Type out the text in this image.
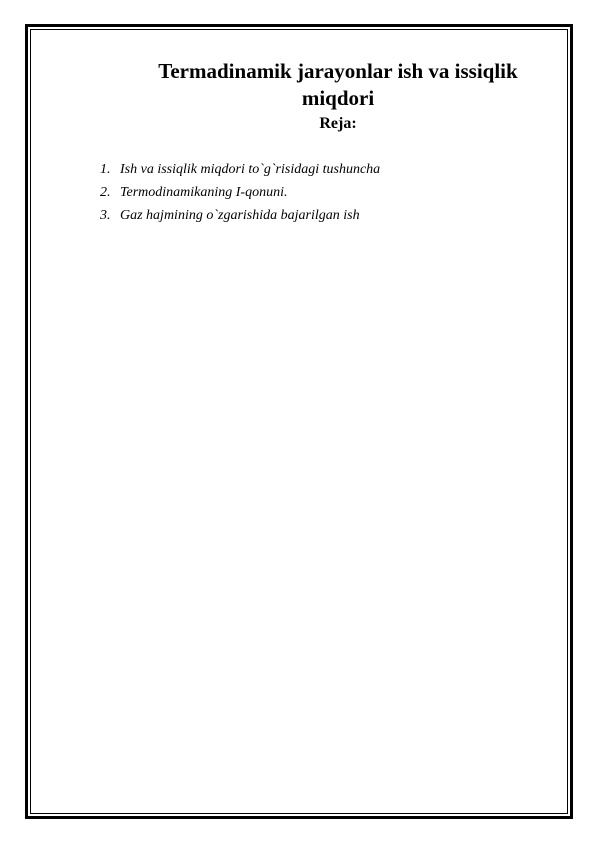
Termadinamik jarayonlar ish va issiqlik miqdori
Reja:
1. Ish va issiqlik miqdori to`g`risidagi tushuncha
2. Termodinamikaning I-qonuni.
3. Gaz hajmining o`zgarishida bajarilgan ish
